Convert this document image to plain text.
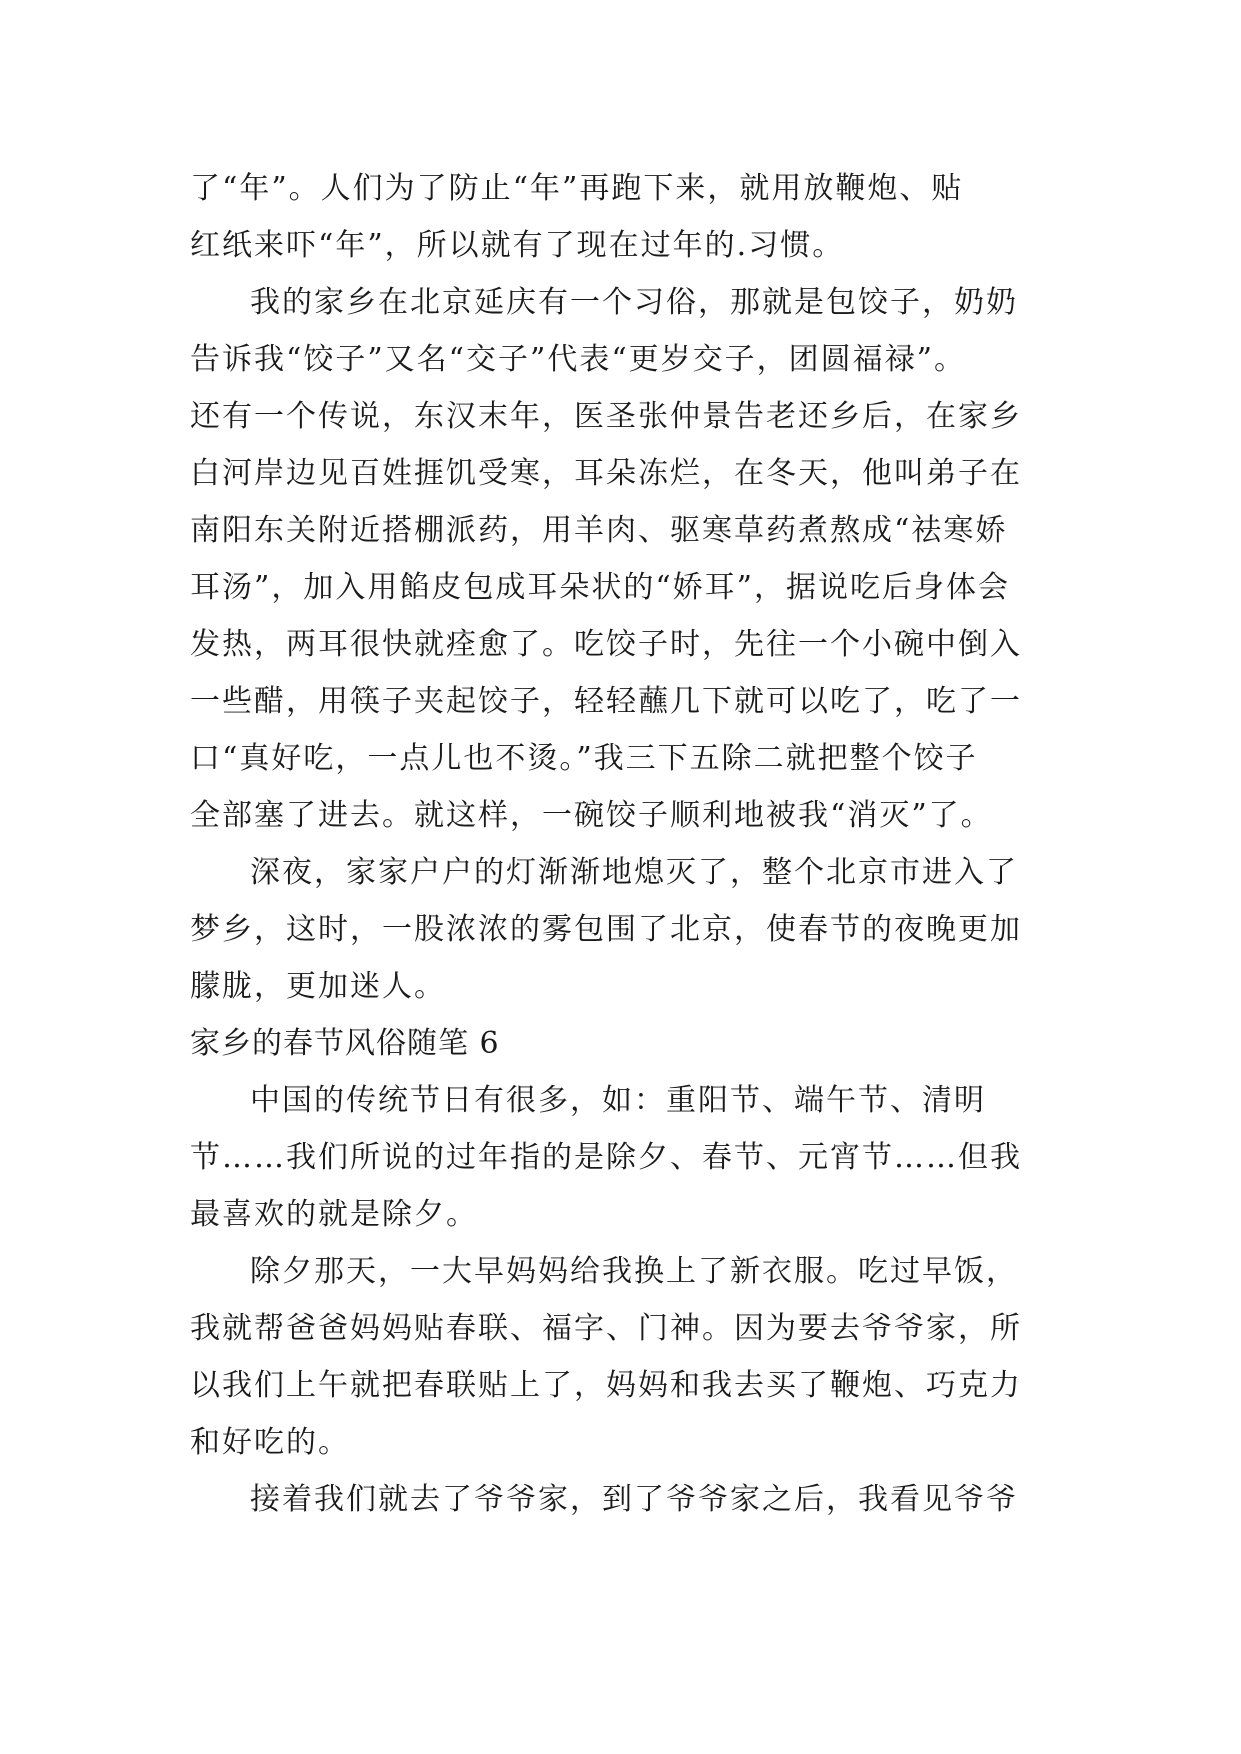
了“年”。人们为了防止“年”再跑下来，就用放鞭炮、贴
红纸来吓“年”，所以就有了现在过年的.习惯。
我的家乡在北京延庆有一个习俗，那就是包饺子，奶奶
告诉我“饺子”又名“交子”代表“更岁交子，团圆福禄”。
还有一个传说，东汉末年，医圣张仲景告老还乡后，在家乡
白河岸边见百姓捱饥受寒，耳朵冻烂，在冬天，他叫弟子在
南阳东关附近搭棚派药，用羊肉、驱寒草药煮熬成“祛寒娇
耳汤”，加入用餡皮包成耳朵状的“娇耳”，据说吃后身体会
发热，两耳很快就痊愈了。吃饺子时，先往一个小碗中倒入
一些醋，用筷子夹起饺子，轻轻蘸几下就可以吃了，吃了一
口“真好吃，一点儿也不烫。”我三下五除二就把整个饺子
全部塞了进去。就这样，一碗饺子顺利地被我“消灭”了。
深夜，家家户户的灯渐渐地熄灭了，整个北京市进入了
梦乡，这时，一股浓浓的雾包围了北京，使春节的夜晚更加
朦胧，更加迷人。
家乡的春节风俗随笔 6
中国的传统节日有很多，如：重阳节、端午节、清明
节……我们所说的过年指的是除夕、春节、元宵节……但我
最喜欢的就是除夕。
除夕那天，一大早妈妈给我换上了新衣服。吃过早饭，
我就帮爸爸妈妈贴春联、福字、门神。因为要去爷爷家，所
以我们上午就把春联贴上了，妈妈和我去买了鞭炮、巧克力
和好吃的。
接着我们就去了爷爷家，到了爷爷家之后，我看见爷爷
